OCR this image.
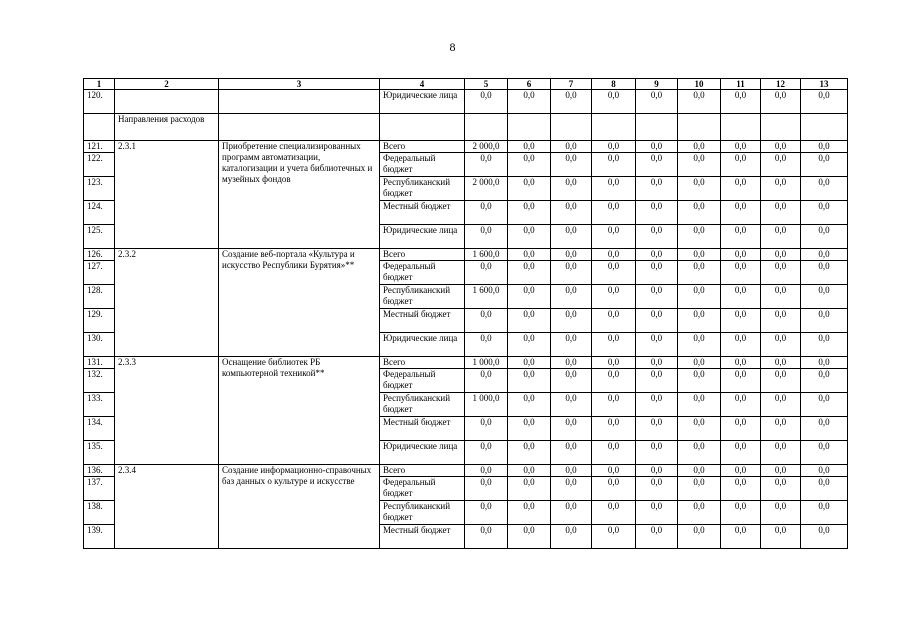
8
1	2	3	4	5	6	7	8	9	10	11	12	13
120.			Юридические лица	0,0	0,0	0,0	0,0	0,0	0,0	0,0	0,0	0,0
	Направления расходов											
121.	2.3.1	Приобретение специализированных программ автоматизации, каталогизации и учета библиотечных и музейных фондов	Всего	2 000,0	0,0	0,0	0,0	0,0	0,0	0,0	0,0	0,0
122.			Федеральный бюджет	0,0	0,0	0,0	0,0	0,0	0,0	0,0	0,0	0,0
123.			Республиканский бюджет	2 000,0	0,0	0,0	0,0	0,0	0,0	0,0	0,0	0,0
124.			Местный бюджет	0,0	0,0	0,0	0,0	0,0	0,0	0,0	0,0	0,0
125.			Юридические лица	0,0	0,0	0,0	0,0	0,0	0,0	0,0	0,0	0,0
126.	2.3.2	Создание веб-портала «Культура и искусство Республики Бурятия»**	Всего	1 600,0	0,0	0,0	0,0	0,0	0,0	0,0	0,0	0,0
127.			Федеральный бюджет	0,0	0,0	0,0	0,0	0,0	0,0	0,0	0,0	0,0
128.			Республиканский бюджет	1 600,0	0,0	0,0	0,0	0,0	0,0	0,0	0,0	0,0
129.			Местный бюджет	0,0	0,0	0,0	0,0	0,0	0,0	0,0	0,0	0,0
130.			Юридические лица	0,0	0,0	0,0	0,0	0,0	0,0	0,0	0,0	0,0
131.	2.3.3	Оснащение библиотек РБ компьютерной техникой**	Всего	1 000,0	0,0	0,0	0,0	0,0	0,0	0,0	0,0	0,0
132.			Федеральный бюджет	0,0	0,0	0,0	0,0	0,0	0,0	0,0	0,0	0,0
133.			Республиканский бюджет	1 000,0	0,0	0,0	0,0	0,0	0,0	0,0	0,0	0,0
134.			Местный бюджет	0,0	0,0	0,0	0,0	0,0	0,0	0,0	0,0	0,0
135.			Юридические лица	0,0	0,0	0,0	0,0	0,0	0,0	0,0	0,0	0,0
136.	2.3.4	Создание информационно-справочных баз данных о культуре и искусстве	Всего	0,0	0,0	0,0	0,0	0,0	0,0	0,0	0,0	0,0
137.			Федеральный бюджет	0,0	0,0	0,0	0,0	0,0	0,0	0,0	0,0	0,0
138.			Республиканский бюджет	0,0	0,0	0,0	0,0	0,0	0,0	0,0	0,0	0,0
139.			Местный бюджет	0,0	0,0	0,0	0,0	0,0	0,0	0,0	0,0	0,0
